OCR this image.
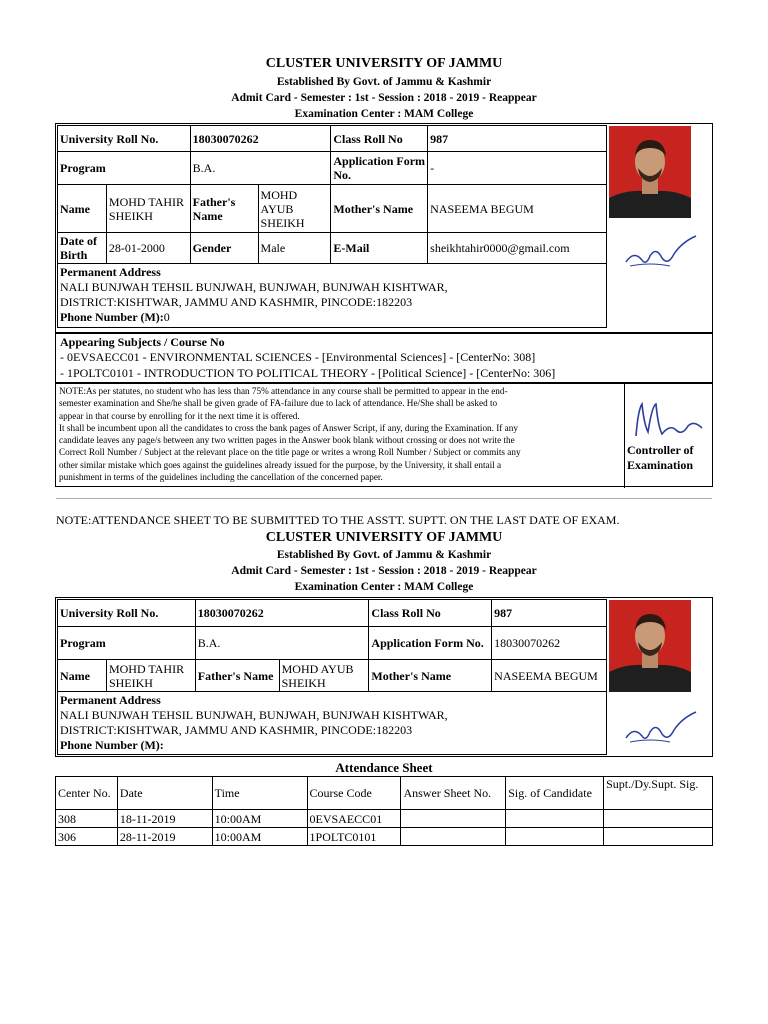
CLUSTER UNIVERSITY OF JAMMU
Established By Govt. of Jammu & Kashmir
Admit Card - Semester : 1st - Session : 2018 - 2019 - Reappear
Examination Center : MAM College
University Roll No.		18030070262		Class Roll No	987
Program		B.A.		Application Form No.	-
Name	MOHD TAHIR SHEIKH	Father's Name	MOHD AYUB SHEIKH	Mother's Name	NASEEMA BEGUM
Date of Birth	28-01-2000	Gender	Male	E-Mail	sheikhtahir0000@gmail.com

Permanent Address
NALI BUNJWAH TEHSIL BUNJWAH, BUNJWAH, BUNJWAH KISHTWAR,
DISTRICT:KISHTWAR, JAMMU AND KASHMIR, PINCODE:182203
Phone Number (M):0					
Appearing Subjects / Course No
- 0EVSAECC01 - ENVIRONMENTAL SCIENCES - [Environmental Sciences] - [CenterNo: 308]
- 1POLTC0101 - INTRODUCTION TO POLITICAL THEORY - [Political Science] - [CenterNo: 306]
NOTE:As per statutes, no student who has less than 75% attendance in any course shall be permitted to appear in the end-
semester examination and She/he shall be given grade of FA-failure due to lack of attendance. He/She shall be asked to
appear in that course by enrolling for it the next time it is offered.
It shall be incumbent upon all the candidates to cross the bank pages of Answer Script, if any, during the Examination. If any
candidate leaves any page/s between any two written pages in the Answer book blank without crossing or does not write the
Correct Roll Number / Subject at the relevant place on the title page or writes a wrong Roll Number / Subject or commits any
other similar mistake which goes against the guidelines already issued for the purpose, by the University, it shall entail a
punishment in terms of the guidelines including the cancellation of the concerned paper.
Controller of Examination
NOTE:ATTENDANCE SHEET TO BE SUBMITTED TO THE ASSTT. SUPTT. ON THE LAST DATE OF EXAM.
CLUSTER UNIVERSITY OF JAMMU
Established By Govt. of Jammu & Kashmir
Admit Card - Semester : 1st - Session : 2018 - 2019 - Reappear
Examination Center : MAM College
University Roll No.		18030070262		Class Roll No	987
Program		B.A.		Application Form No.	18030070262
Name	MOHD TAHIR SHEIKH	Father's Name	MOHD AYUB SHEIKH	Mother's Name	NASEEMA BEGUM

Permanent Address
NALI BUNJWAH TEHSIL BUNJWAH, BUNJWAH, BUNJWAH KISHTWAR,
DISTRICT:KISHTWAR, JAMMU AND KASHMIR, PINCODE:182203
Phone Number (M):					
Attendance Sheet
Center No.	Date	Time	Course Code	Answer Sheet No.	Sig. of Candidate	Supt./Dy.Supt. Sig.
308	18-11-2019	10:00AM	0EVSAECC01			
306	28-11-2019	10:00AM	1POLTC0101			
